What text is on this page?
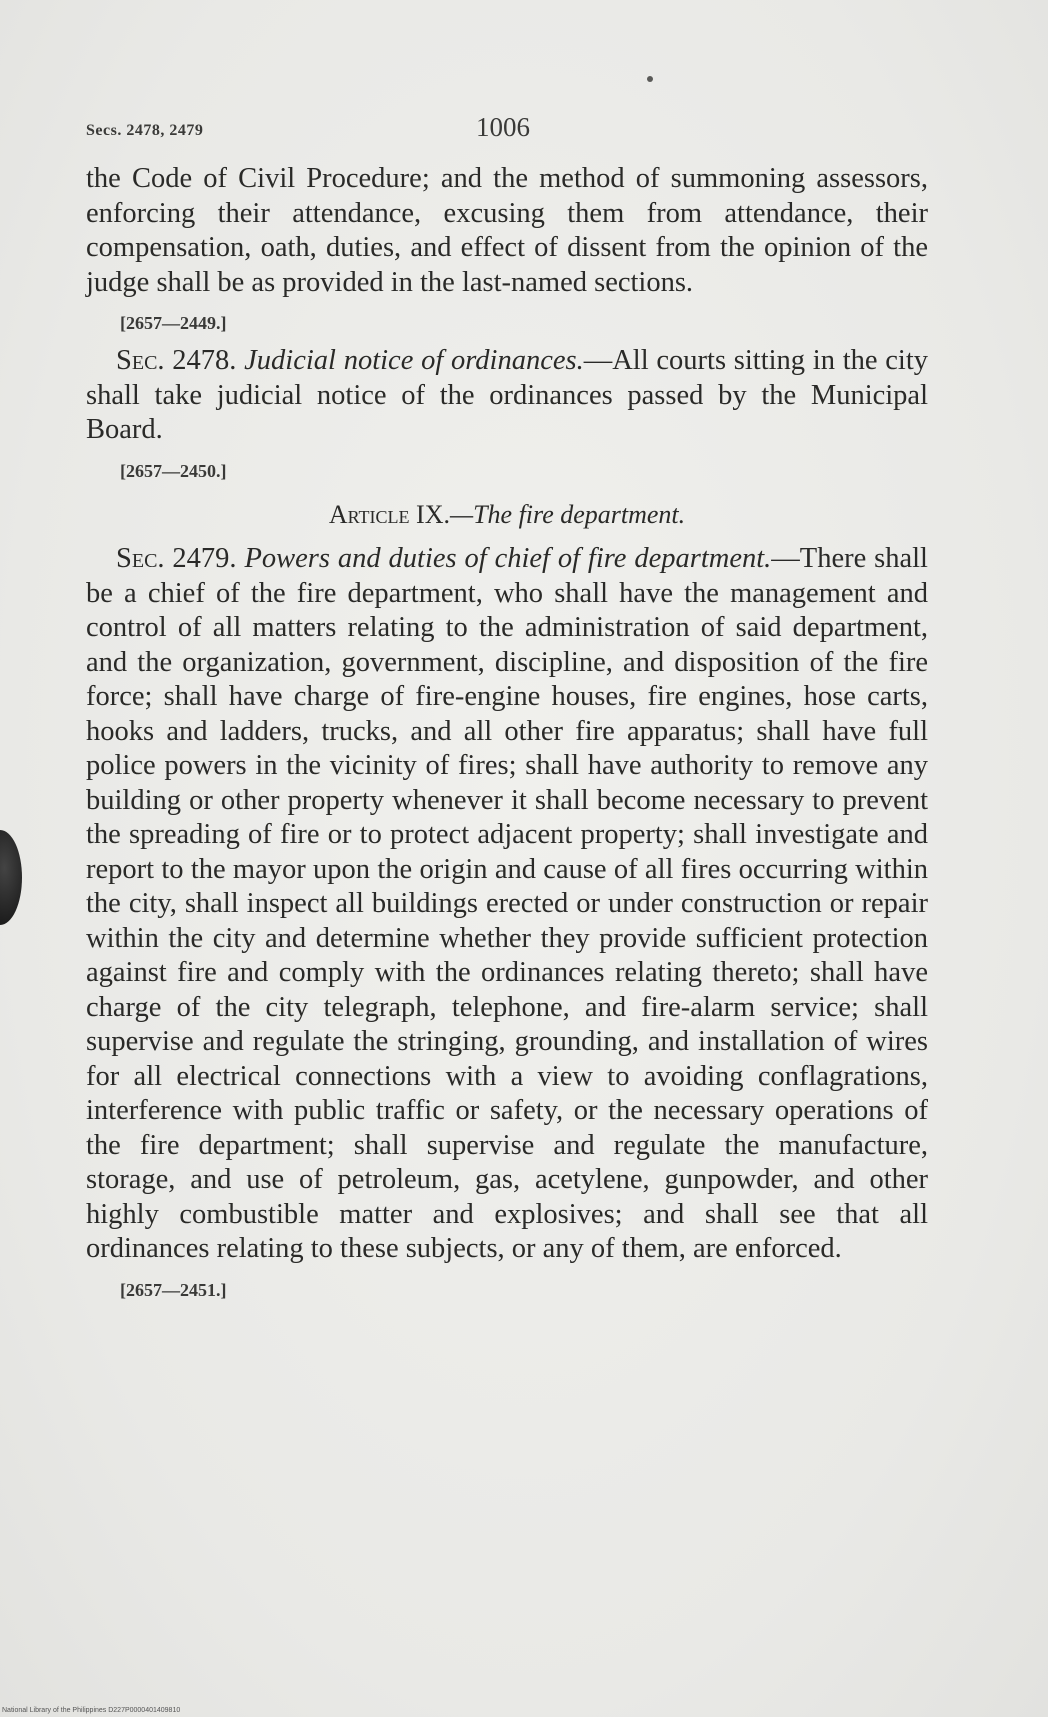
Secs. 2478, 2479	1006

the Code of Civil Procedure; and the method of summoning assessors, enforcing their attendance, excusing them from attendance, their compensation, oath, duties, and effect of dissent from the opinion of the judge shall be as provided in the last-named sections.

[2657—2449.]

Sec. 2478. Judicial notice of ordinances.—All courts sitting in the city shall take judicial notice of the ordinances passed by the Municipal Board.

[2657—2450.]

Article IX.—The fire department.

Sec. 2479. Powers and duties of chief of fire department.—There shall be a chief of the fire department, who shall have the management and control of all matters relating to the administration of said department, and the organization, government, discipline, and disposition of the fire force; shall have charge of fire-engine houses, fire engines, hose carts, hooks and ladders, trucks, and all other fire apparatus; shall have full police powers in the vicinity of fires; shall have authority to remove any building or other property whenever it shall become necessary to prevent the spreading of fire or to protect adjacent property; shall investigate and report to the mayor upon the origin and cause of all fires occurring within the city, shall inspect all buildings erected or under construction or repair within the city and determine whether they provide sufficient protection against fire and comply with the ordinances relating thereto; shall have charge of the city telegraph, telephone, and fire-alarm service; shall supervise and regulate the stringing, grounding, and installation of wires for all electrical connections with a view to avoiding conflagrations, interference with public traffic or safety, or the necessary operations of the fire department; shall supervise and regulate the manufacture, storage, and use of petroleum, gas, acetylene, gunpowder, and other highly combustible matter and explosives; and shall see that all ordinances relating to these subjects, or any of them, are enforced.

[2657—2451.]

National Library of the Philippines D227P0000401409810
